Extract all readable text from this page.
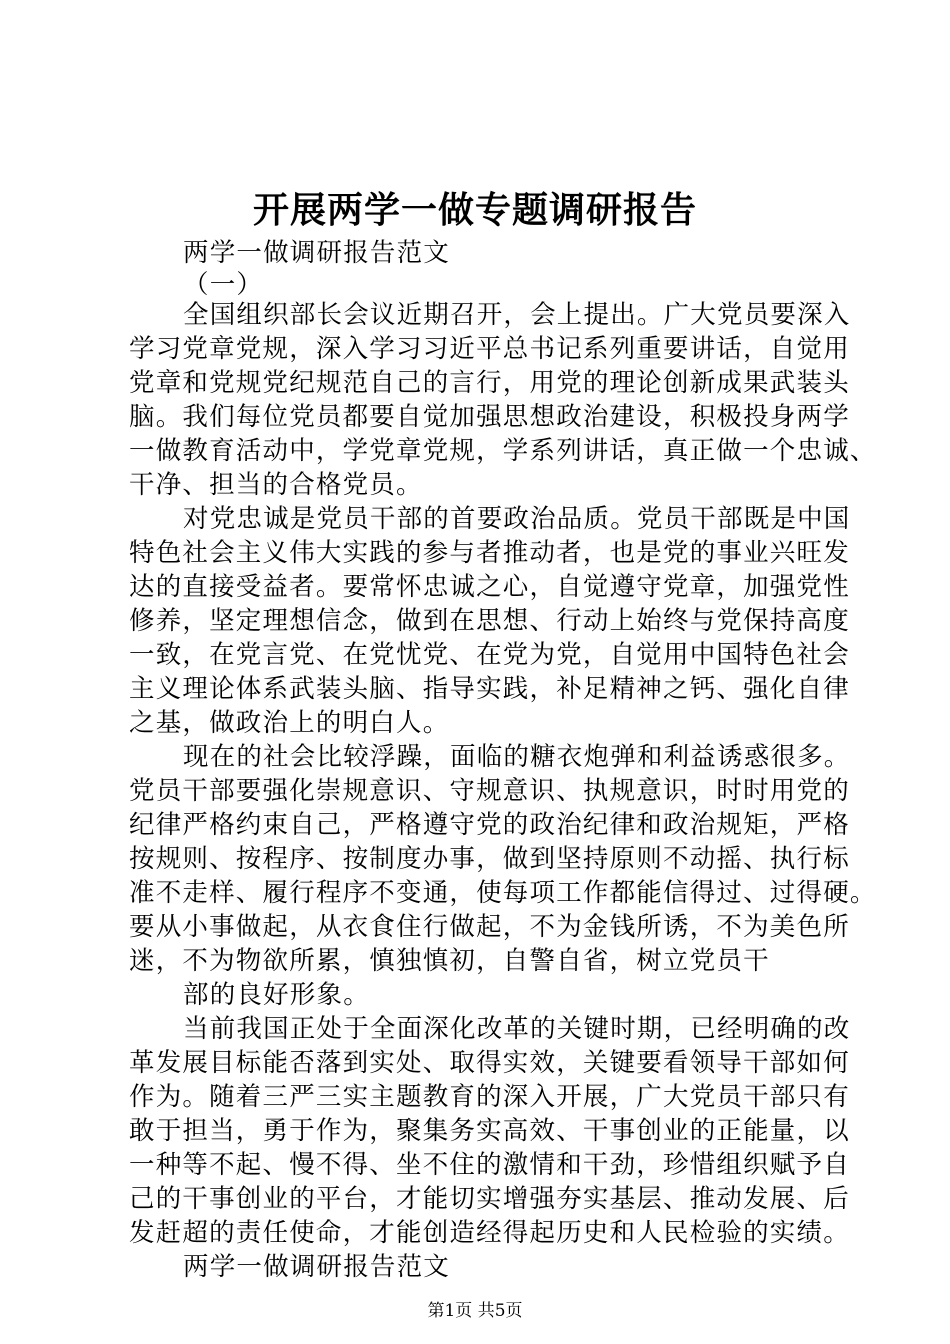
开展两学一做专题调研报告
两学一做调研报告范文
（一）
全国组织部长会议近期召开，会上提出。广大党员要深入
学习党章党规，深入学习习近平总书记系列重要讲话，自觉用
党章和党规党纪规范自己的言行，用党的理论创新成果武装头
脑。我们每位党员都要自觉加强思想政治建设，积极投身两学
一做教育活动中，学党章党规，学系列讲话，真正做一个忠诚、
干净、担当的合格党员。
对党忠诚是党员干部的首要政治品质。党员干部既是中国
特色社会主义伟大实践的参与者推动者，也是党的事业兴旺发
达的直接受益者。要常怀忠诚之心，自觉遵守党章，加强党性
修养，坚定理想信念，做到在思想、行动上始终与党保持高度
一致，在党言党、在党忧党、在党为党，自觉用中国特色社会
主义理论体系武装头脑、指导实践，补足精神之钙、强化自律
之基，做政治上的明白人。
现在的社会比较浮躁，面临的糖衣炮弹和利益诱惑很多。
党员干部要强化崇规意识、守规意识、执规意识，时时用党的
纪律严格约束自己，严格遵守党的政治纪律和政治规矩，严格
按规则、按程序、按制度办事，做到坚持原则不动摇、执行标
准不走样、履行程序不变通，使每项工作都能信得过、过得硬。
要从小事做起，从衣食住行做起，不为金钱所诱，不为美色所
迷，不为物欲所累，慎独慎初，自警自省，树立党员干
部的良好形象。
当前我国正处于全面深化改革的关键时期，已经明确的改
革发展目标能否落到实处、取得实效，关键要看领导干部如何
作为。随着三严三实主题教育的深入开展，广大党员干部只有
敢于担当，勇于作为，聚集务实高效、干事创业的正能量，以
一种等不起、慢不得、坐不住的激情和干劲，珍惜组织赋予自
己的干事创业的平台，才能切实增强夯实基层、推动发展、后
发赶超的责任使命，才能创造经得起历史和人民检验的实绩。
两学一做调研报告范文
第1页 共5页
